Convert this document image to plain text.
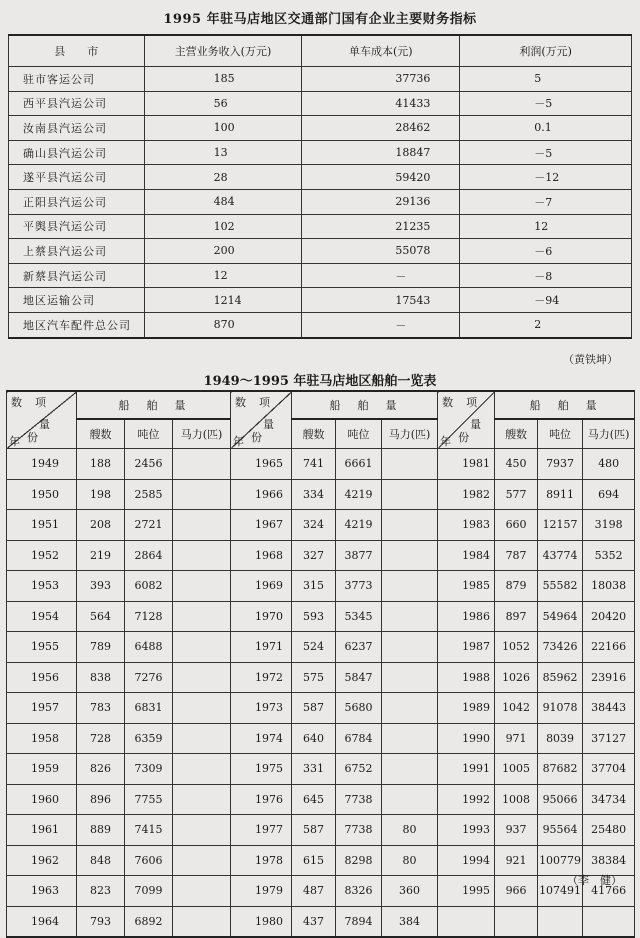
1995 年驻马店地区交通部门国有企业主要财务指标
县　　市	主营业务收入(万元)	单车成本(元)	利润(万元)
驻市客运公司	185	37736	5
西平县汽运公司	56	41433	－5
汝南县汽运公司	100	28462	0.1
确山县汽运公司	13	18847	－5
遂平县汽运公司	28	59420	－12
正阳县汽运公司	484	29136	－7
平舆县汽运公司	102	21235	12
上蔡县汽运公司	200	55078	－6
新蔡县汽运公司	12	－	－8
地区运输公司	1214	17543	－94
地区汽车配件总公司	870	－	2
（黄铁坤）
1949～1995 年驻马店地区船舶一览表
数 项
量
份
年	船　舶　量			数 项
量
份
年	船　舶　量			数 项
量
份
年	船　舶　量		
	艘数	吨位	马力(匹)		艘数	吨位	马力(匹)		艘数	吨位	马力(匹)
1949	188	2456		1965	741	6661		1981	450	7937	480
1950	198	2585		1966	334	4219		1982	577	8911	694
1951	208	2721		1967	324	4219		1983	660	12157	3198
1952	219	2864		1968	327	3877		1984	787	43774	5352
1953	393	6082		1969	315	3773		1985	879	55582	18038
1954	564	7128		1970	593	5345		1986	897	54964	20420
1955	789	6488		1971	524	6237		1987	1052	73426	22166
1956	838	7276		1972	575	5847		1988	1026	85962	23916
1957	783	6831		1973	587	5680		1989	1042	91078	38443
1958	728	6359		1974	640	6784		1990	971	8039	37127
1959	826	7309		1975	331	6752		1991	1005	87682	37704
1960	896	7755		1976	645	7738		1992	1008	95066	34734
1961	889	7415		1977	587	7738	80	1993	937	95564	25480
1962	848	7606		1978	615	8298	80	1994	921	100779	38384
1963	823	7099		1979	487	8326	360	1995	966	107491	41766
1964	793	6892		1980	437	7894	384				
（李　健）
